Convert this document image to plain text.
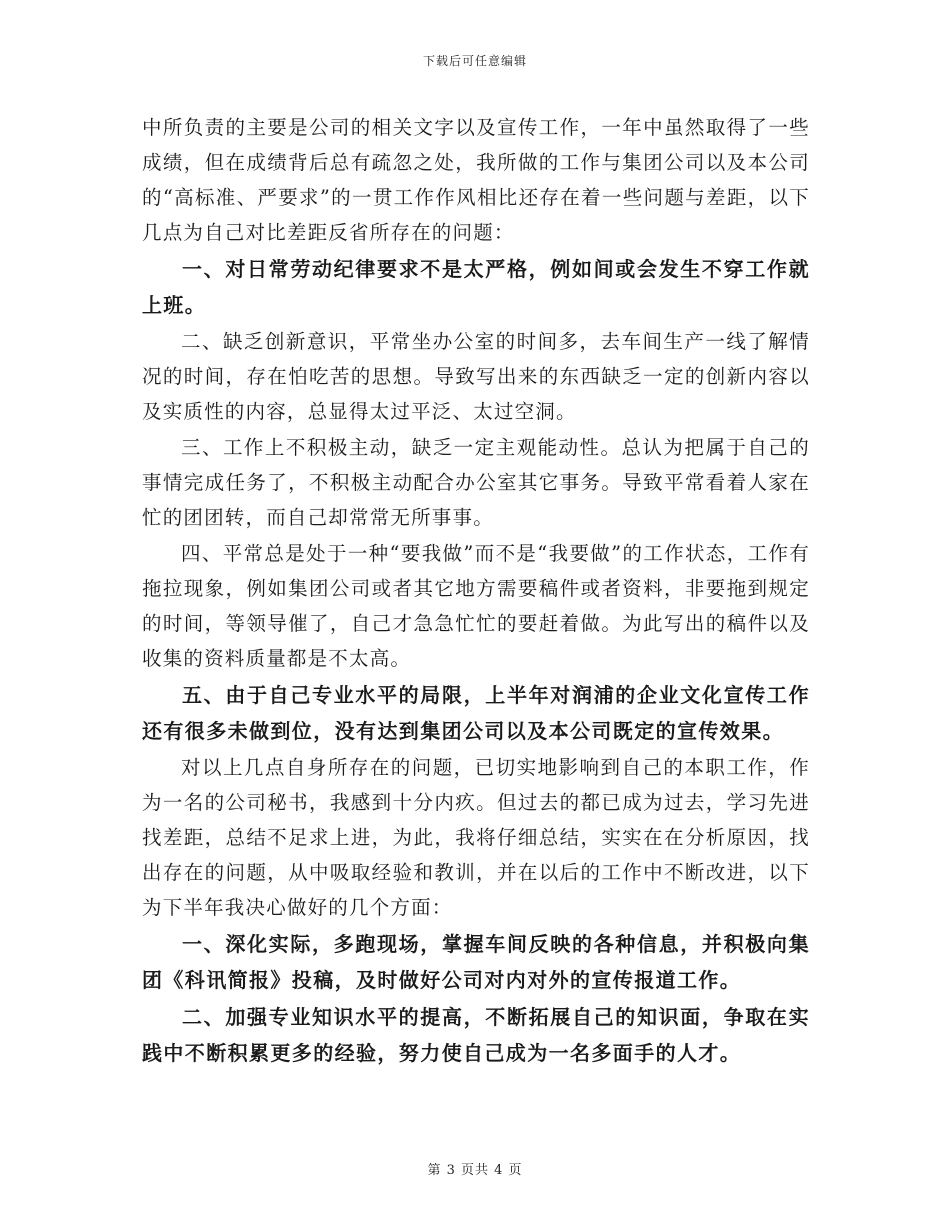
下载后可任意编辑

中所负责的主要是公司的相关文字以及宣传工作，一年中虽然取得了一些成绩，但在成绩背后总有疏忽之处，我所做的工作与集团公司以及本公司的“高标准、严要求”的一贯工作作风相比还存在着一些问题与差距，以下几点为自己对比差距反省所存在的问题：

一、对日常劳动纪律要求不是太严格，例如间或会发生不穿工作就上班。

二、缺乏创新意识，平常坐办公室的时间多，去车间生产一线了解情况的时间，存在怕吃苦的思想。导致写出来的东西缺乏一定的创新内容以及实质性的内容，总显得太过平泛、太过空洞。

三、工作上不积极主动，缺乏一定主观能动性。总认为把属于自己的事情完成任务了，不积极主动配合办公室其它事务。导致平常看着人家在忙的团团转，而自己却常常无所事事。

四、平常总是处于一种“要我做”而不是“我要做”的工作状态，工作有拖拉现象，例如集团公司或者其它地方需要稿件或者资料，非要拖到规定的时间，等领导催了，自己才急急忙忙的要赶着做。为此写出的稿件以及收集的资料质量都是不太高。

五、由于自己专业水平的局限，上半年对润浦的企业文化宣传工作还有很多未做到位，没有达到集团公司以及本公司既定的宣传效果。

对以上几点自身所存在的问题，已切实地影响到自己的本职工作，作为一名的公司秘书，我感到十分内疚。但过去的都已成为过去，学习先进找差距，总结不足求上进，为此，我将仔细总结，实实在在分析原因，找出存在的问题，从中吸取经验和教训，并在以后的工作中不断改进，以下为下半年我决心做好的几个方面：

一、深化实际，多跑现场，掌握车间反映的各种信息，并积极向集团《科讯简报》投稿，及时做好公司对内对外的宣传报道工作。

二、加强专业知识水平的提高，不断拓展自己的知识面，争取在实践中不断积累更多的经验，努力使自己成为一名多面手的人才。

第 3 页共 4 页
